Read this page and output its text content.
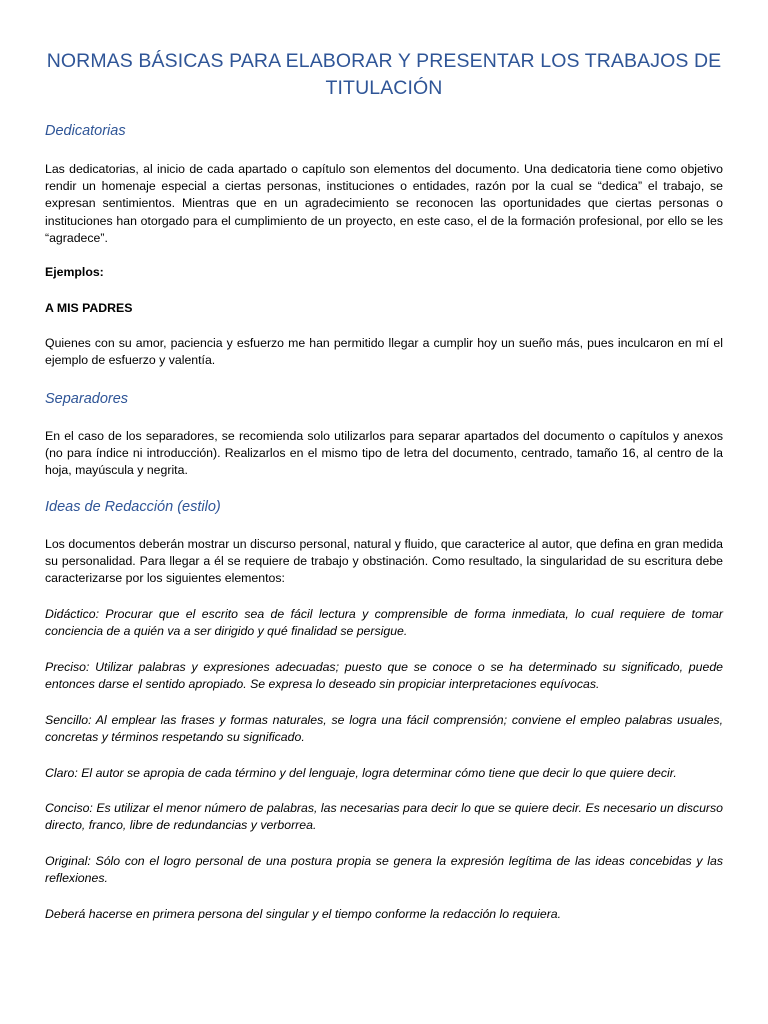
NORMAS BÁSICAS PARA ELABORAR Y PRESENTAR LOS TRABAJOS DE TITULACIÓN
Dedicatorias
Las dedicatorias, al inicio de cada apartado o capítulo son elementos del documento. Una dedicatoria tiene como objetivo rendir un homenaje especial a ciertas personas, instituciones o entidades, razón por la cual se “dedica” el trabajo, se expresan sentimientos. Mientras que en un agradecimiento se reconocen las oportunidades que ciertas personas o instituciones han otorgado para el cumplimiento de un proyecto, en este caso, el de la formación profesional, por ello se les “agradece”.
Ejemplos:
A MIS PADRES
Quienes con su amor, paciencia y esfuerzo me han permitido llegar a cumplir hoy un sueño más, pues inculcaron en mí el ejemplo de esfuerzo y valentía.
Separadores
En el caso de los separadores, se recomienda solo utilizarlos para separar apartados del documento o capítulos y anexos (no para índice ni introducción). Realizarlos en el mismo tipo de letra del documento, centrado, tamaño 16, al centro de la hoja, mayúscula y negrita.
Ideas de Redacción (estilo)
Los documentos deberán mostrar un discurso personal, natural y fluido, que caracterice al autor, que defina en gran medida su personalidad. Para llegar a él se requiere de trabajo y obstinación. Como resultado, la singularidad de su escritura debe caracterizarse por los siguientes elementos:
Didáctico: Procurar que el escrito sea de fácil lectura y comprensible de forma inmediata, lo cual requiere de tomar conciencia de a quién va a ser dirigido y qué finalidad se persigue.
Preciso: Utilizar palabras y expresiones adecuadas; puesto que se conoce o se ha determinado su significado, puede entonces darse el sentido apropiado. Se expresa lo deseado sin propiciar interpretaciones equívocas.
Sencillo: Al emplear las frases y formas naturales, se logra una fácil comprensión; conviene el empleo palabras usuales, concretas y términos respetando su significado.
Claro: El autor se apropia de cada término y del lenguaje, logra determinar cómo tiene que decir lo que quiere decir.
Conciso: Es utilizar el menor número de palabras, las necesarias para decir lo que se quiere decir. Es necesario un discurso directo, franco, libre de redundancias y verborrea.
Original: Sólo con el logro personal de una postura propia se genera la expresión legítima de las ideas concebidas y las reflexiones.
Deberá hacerse en primera persona del singular y el tiempo conforme la redacción lo requiera.
